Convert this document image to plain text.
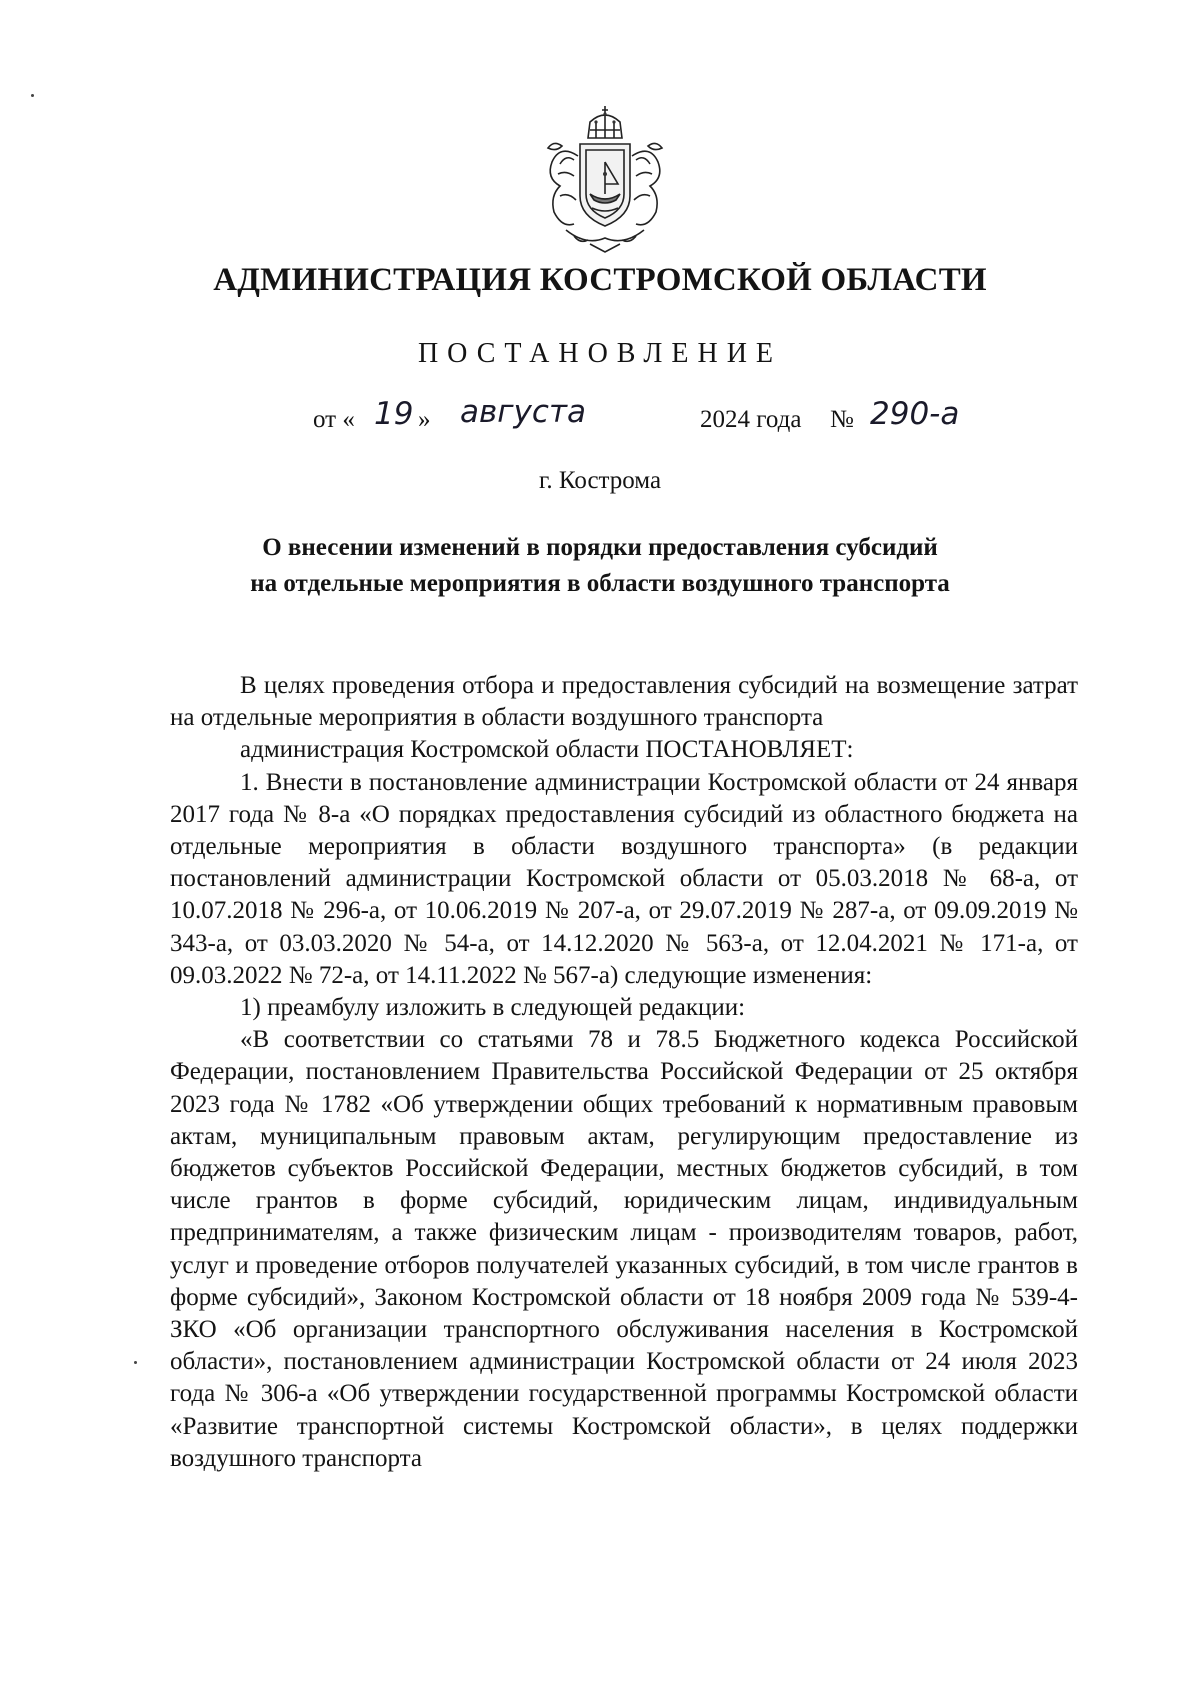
АДМИНИСТРАЦИЯ КОСТРОМСКОЙ ОБЛАСТИ
ПОСТАНОВЛЕНИЕ
от « 19 » августа	2024 года № 290-а
г. Кострома
О внесении изменений в порядки предоставления субсидий
на отдельные мероприятия в области воздушного транспорта

В целях проведения отбора и предоставления субсидий на возмещение затрат на отдельные мероприятия в области воздушного транспорта

администрация Костромской области ПОСТАНОВЛЯЕТ:

1. Внести в постановление администрации Костромской области от 24 января 2017 года № 8-а «О порядках предоставления субсидий из областного бюджета на отдельные мероприятия в области воздушного транспорта» (в редакции постановлений администрации Костромской области от 05.03.2018 № 68-а, от 10.07.2018 № 296-а, от 10.06.2019 № 207-а, от 29.07.2019 № 287-а, от 09.09.2019 № 343-а, от 03.03.2020 № 54-а, от 14.12.2020 № 563-а, от 12.04.2021 № 171-а, от 09.03.2022 № 72-а, от 14.11.2022 № 567-а) следующие изменения:

1) преамбулу изложить в следующей редакции:

«В соответствии со статьями 78 и 78.5 Бюджетного кодекса Российской Федерации, постановлением Правительства Российской Федерации от 25 октября 2023 года № 1782 «Об утверждении общих требований к нормативным правовым актам, муниципальным правовым актам, регулирующим предоставление из бюджетов субъектов Российской Федерации, местных бюджетов субсидий, в том числе грантов в форме субсидий, юридическим лицам, индивидуальным предпринимателям, а также физическим лицам - производителям товаров, работ, услуг и проведение отборов получателей указанных субсидий, в том числе грантов в форме субсидий», Законом Костромской области от 18 ноября 2009 года № 539-4-ЗКО «Об организации транспортного обслуживания населения в Костромской области», постановлением администрации Костромской области от 24 июля 2023 года № 306-а «Об утверждении государственной программы Костромской области «Развитие транспортной системы Костромской области», в целях поддержки воздушного транспорта
